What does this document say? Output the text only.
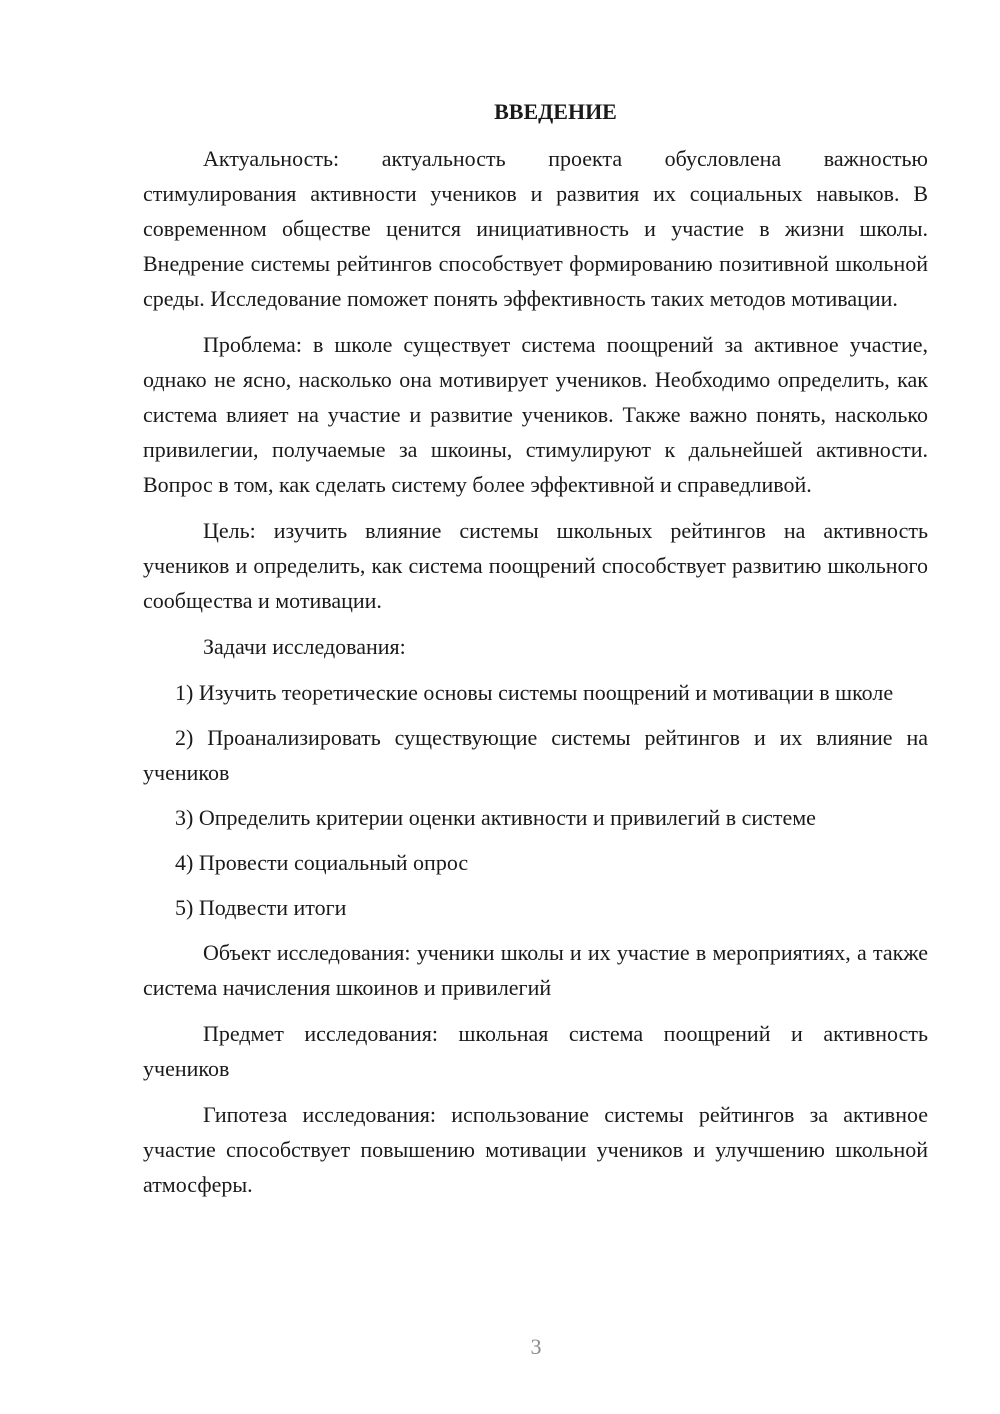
ВВЕДЕНИЕ

Актуальность: актуальность проекта обусловлена важностью стимулирования активности учеников и развития их социальных навыков. В современном обществе ценится инициативность и участие в жизни школы. Внедрение системы рейтингов способствует формированию позитивной школьной среды. Исследование поможет понять эффективность таких методов мотивации.

Проблема: в школе существует система поощрений за активное участие, однако не ясно, насколько она мотивирует учеников. Необходимо определить, как система влияет на участие и развитие учеников. Также важно понять, насколько привилегии, получаемые за шкоины, стимулируют к дальнейшей активности. Вопрос в том, как сделать систему более эффективной и справедливой.

Цель: изучить влияние системы школьных рейтингов на активность учеников и определить, как система поощрений способствует развитию школьного сообщества и мотивации.

Задачи исследования:

1) Изучить теоретические основы системы поощрений и мотивации в школе

2) Проанализировать существующие системы рейтингов и их влияние на учеников

3) Определить критерии оценки активности и привилегий в системе

4) Провести социальный опрос

5) Подвести итоги

Объект исследования: ученики школы и их участие в мероприятиях, а также система начисления шкоинов и привилегий

Предмет исследования: школьная система поощрений и активность учеников

Гипотеза исследования: использование системы рейтингов за активное участие способствует повышению мотивации учеников и улучшению школьной атмосферы.

3
